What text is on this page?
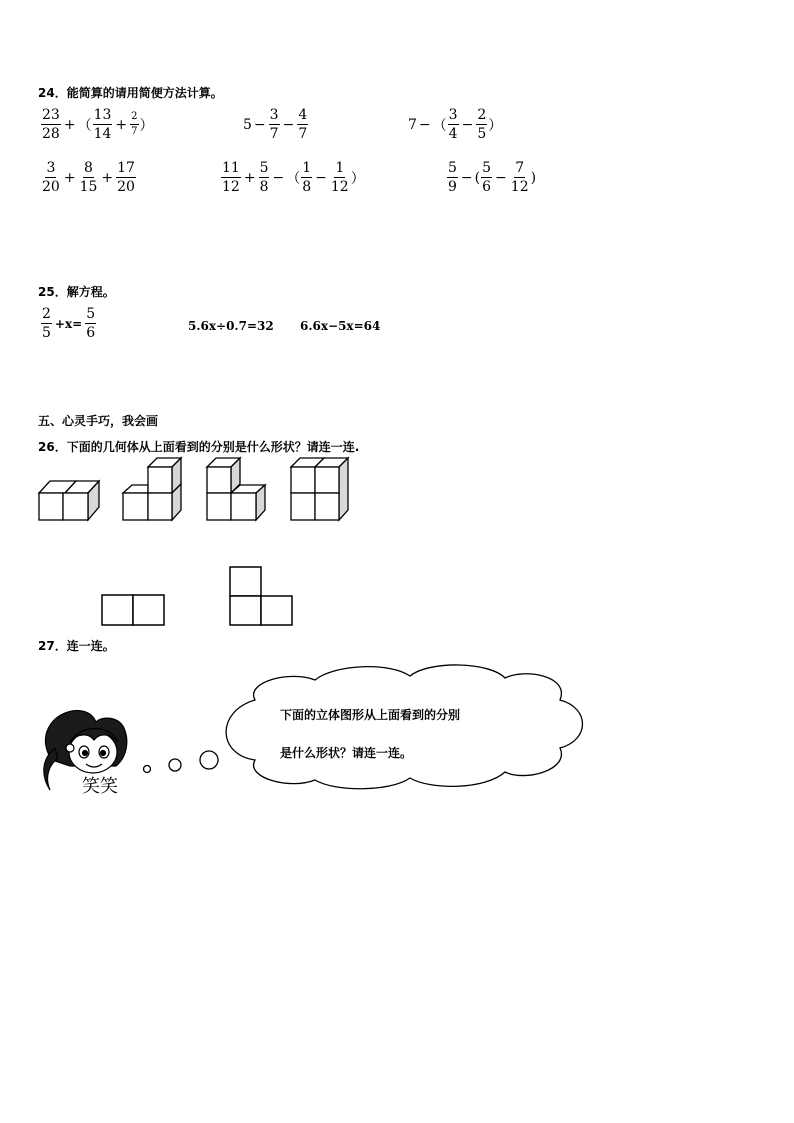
24．能简算的请用简便方法计算。
$\frac{23}{28}$ + （ $\frac{13}{14} + \frac{2}{7}$ ）	$5 - \frac{3}{7} - \frac{4}{7}$	7 − （ $\frac{3}{4} - \frac{2}{5}$ ）
$\frac{3}{20} + \frac{8}{15} + \frac{17}{20}$	$\frac{11}{12} + \frac{5}{8}$ − （ $\frac{1}{8} - \frac{1}{12}$ ）	$\frac{5}{9}$ − ( $\frac{5}{6} - \frac{7}{12}$ )
25．解方程。
$\frac{2}{5} +x= \frac{5}{6}$	5.6x÷0.7=32 6.6x−5x=64
五、心灵手巧，我会画
26．下面的几何体从上面看到的分别是什么形状？请连一连.
笑笑
27．连一连。
下面的立体图形从上面看到的分别
是什么形状？请连一连。
